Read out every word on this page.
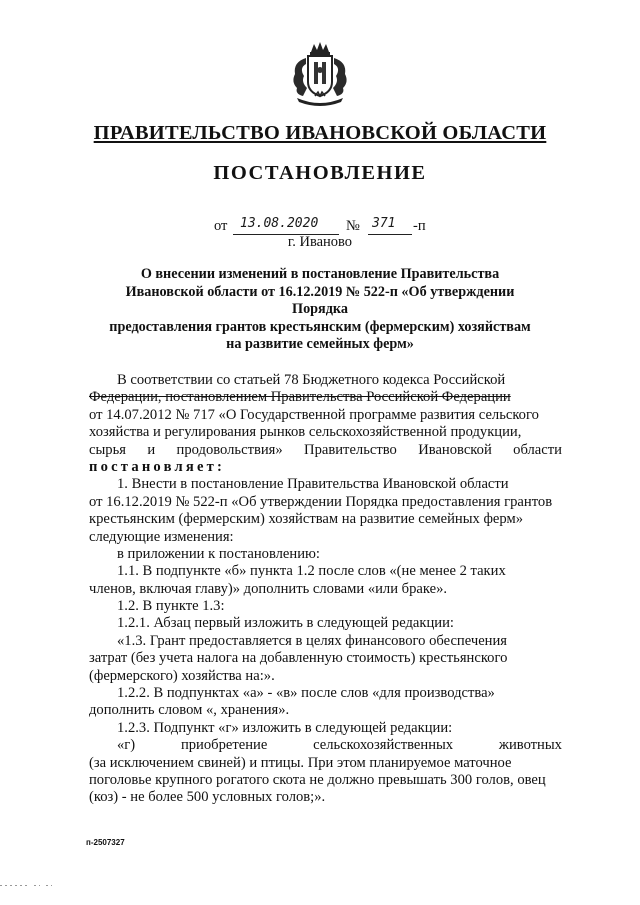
ПРАВИТЕЛЬСТВО ИВАНОВСКОЙ ОБЛАСТИ
ПОСТАНОВЛЕНИЕ
от 13.08.2020 № 371 -п
г. Иваново
О внесении изменений в постановление Правительства
Ивановской области от 16.12.2019 № 522-п «Об утверждении Порядка
предоставления грантов крестьянским (фермерским) хозяйствам
на развитие семейных ферм»
В соответствии со статьей 78 Бюджетного кодекса Российской
Федерации, постановлением Правительства Российской Федерации
от 14.07.2012 № 717 «О Государственной программе развития сельского
хозяйства и регулирования рынков сельскохозяйственной продукции,
сырья и продовольствия» Правительство Ивановской области
постановляет:
1. Внести в постановление Правительства Ивановской области
от 16.12.2019 № 522-п «Об утверждении Порядка предоставления грантов
крестьянским (фермерским) хозяйствам на развитие семейных ферм»
следующие изменения:
в приложении к постановлению:
1.1. В подпункте «б» пункта 1.2 после слов «(не менее 2 таких
членов, включая главу)» дополнить словами «или браке».
1.2. В пункте 1.3:
1.2.1. Абзац первый изложить в следующей редакции:
«1.3. Грант предоставляется в целях финансового обеспечения
затрат (без учета налога на добавленную стоимость) крестьянского
(фермерского) хозяйства на:».
1.2.2. В подпунктах «а» - «в» после слов «для производства»
дополнить словом «, хранения».
1.2.3. Подпункт «г» изложить в следующей редакции:
«г)	приобретение	сельскохозяйственных	животных
(за исключением свиней) и птицы. При этом планируемое маточное
поголовье крупного рогатого скота не должно превышать 300 голов, овец
(коз) - не более 500 условных голов;».
п-2507327
